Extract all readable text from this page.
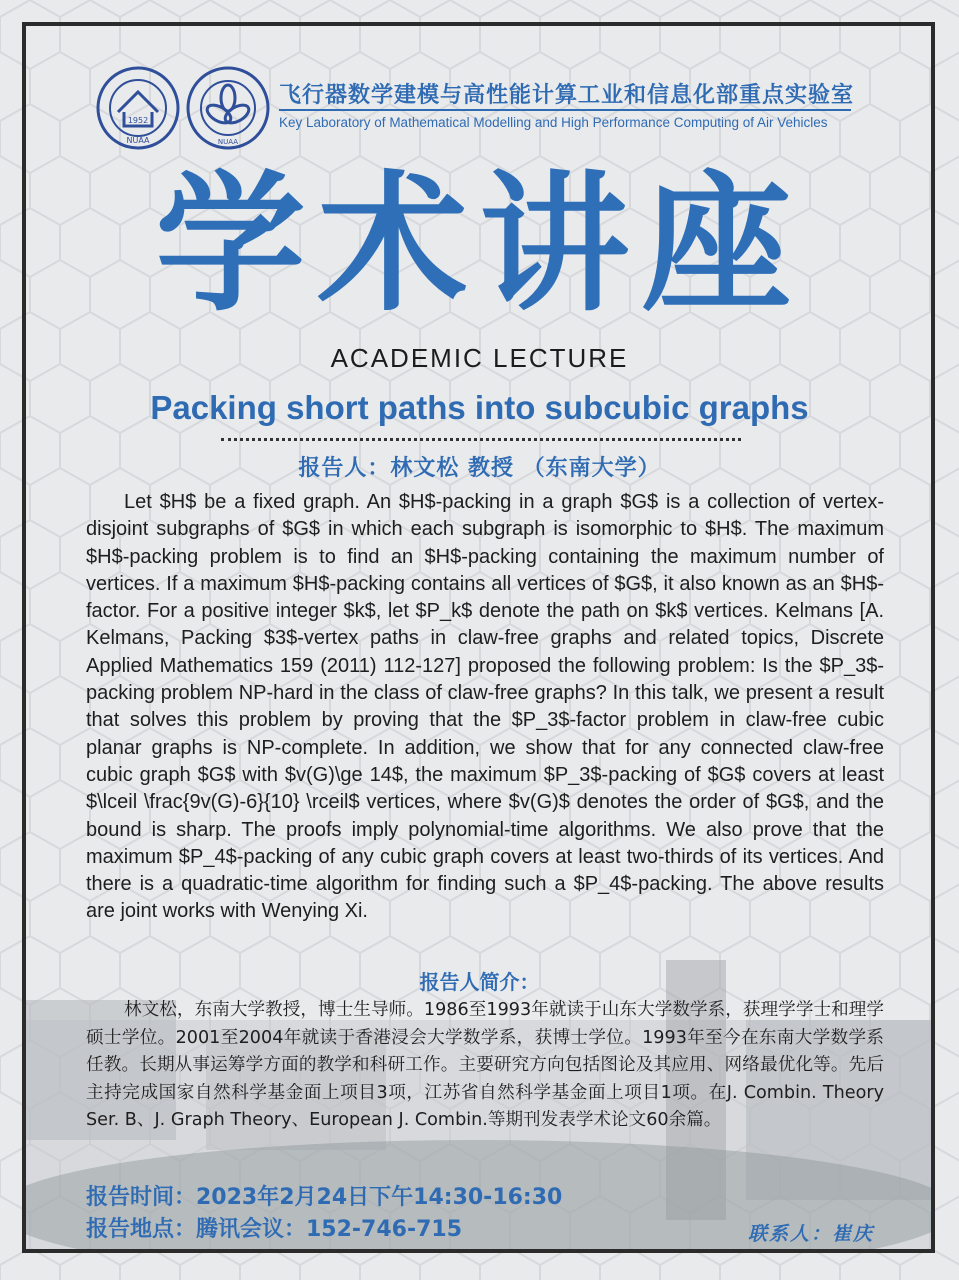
1952
NUAA	NUAA
飞行器数学建模与高性能计算工业和信息化部重点实验室
Key Laboratory of Mathematical Modelling and High Performance Computing of Air Vehicles
学术讲座
ACADEMIC LECTURE
Packing short paths into subcubic graphs
报告人：林文松 教授 （东南大学）

Let $H$ be a fixed graph. An $H$-packing in a graph $G$ is a collection of vertex-disjoint subgraphs of $G$ in which each subgraph is isomorphic to $H$. The maximum $H$-packing problem is to find an $H$-packing containing the maximum number of vertices. If a maximum $H$-packing contains all vertices of $G$, it also known as an $H$-factor. For a positive integer $k$, let $P_k$ denote the path on $k$ vertices. Kelmans [A. Kelmans, Packing $3$-vertex paths in claw-free graphs and related topics, Discrete Applied Mathematics 159 (2011) 112-127] proposed the following problem: Is the $P_3$-packing problem NP-hard in the class of claw-free graphs? In this talk, we present a result that solves this problem by proving that the $P_3$-factor problem in claw-free cubic planar graphs is NP-complete. In addition, we show that for any connected claw-free cubic graph $G$ with $v(G)\ge 14$, the maximum $P_3$-packing of $G$ covers at least $\lceil \frac{9v(G)-6}{10} \rceil$ vertices, where $v(G)$ denotes the order of $G$, and the bound is sharp. The proofs imply polynomial-time algorithms. We also prove that the maximum $P_4$-packing of any cubic graph covers at least two-thirds of its vertices. And there is a quadratic-time algorithm for finding such a $P_4$-packing. The above results are joint works with Wenying Xi.

报告人简介：

林文松，东南大学教授，博士生导师。1986至1993年就读于山东大学数学系，获理学学士和理学硕士学位。2001至2004年就读于香港浸会大学数学系，获博士学位。1993年至今在东南大学数学系任教。长期从事运筹学方面的教学和科研工作。主要研究方向包括图论及其应用、网络最优化等。先后主持完成国家自然科学基金面上项目3项，江苏省自然科学基金面上项目1项。在J. Combin. Theory Ser. B、J. Graph Theory、European J. Combin.等期刊发表学术论文60余篇。

报告时间：2023年2月24日下午14:30-16:30
报告地点：腾讯会议：152-746-715	联系人：崔庆
